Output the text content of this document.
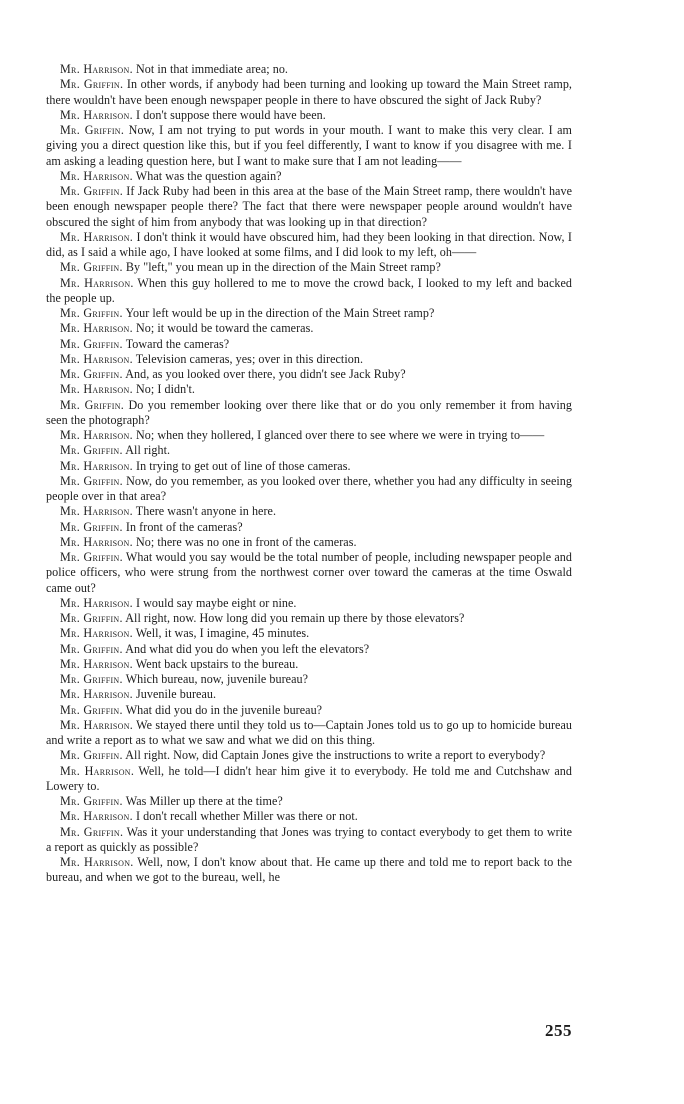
Mr. Harrison. Not in that immediate area; no.

Mr. Griffin. In other words, if anybody had been turning and looking up toward the Main Street ramp, there wouldn't have been enough newspaper people in there to have obscured the sight of Jack Ruby?

Mr. Harrison. I don't suppose there would have been.

Mr. Griffin. Now, I am not trying to put words in your mouth. I want to make this very clear. I am giving you a direct question like this, but if you feel differently, I want to know if you disagree with me. I am asking a leading question here, but I want to make sure that I am not leading——

Mr. Harrison. What was the question again?

Mr. Griffin. If Jack Ruby had been in this area at the base of the Main Street ramp, there wouldn't have been enough newspaper people there? The fact that there were newspaper people around wouldn't have obscured the sight of him from anybody that was looking up in that direction?

Mr. Harrison. I don't think it would have obscured him, had they been looking in that direction. Now, I did, as I said a while ago, I have looked at some films, and I did look to my left, oh——

Mr. Griffin. By "left," you mean up in the direction of the Main Street ramp?

Mr. Harrison. When this guy hollered to me to move the crowd back, I looked to my left and backed the people up.

Mr. Griffin. Your left would be up in the direction of the Main Street ramp?

Mr. Harrison. No; it would be toward the cameras.

Mr. Griffin. Toward the cameras?

Mr. Harrison. Television cameras, yes; over in this direction.

Mr. Griffin. And, as you looked over there, you didn't see Jack Ruby?

Mr. Harrison. No; I didn't.

Mr. Griffin. Do you remember looking over there like that or do you only remember it from having seen the photograph?

Mr. Harrison. No; when they hollered, I glanced over there to see where we were in trying to——

Mr. Griffin. All right.

Mr. Harrison. In trying to get out of line of those cameras.

Mr. Griffin. Now, do you remember, as you looked over there, whether you had any difficulty in seeing people over in that area?

Mr. Harrison. There wasn't anyone in here.

Mr. Griffin. In front of the cameras?

Mr. Harrison. No; there was no one in front of the cameras.

Mr. Griffin. What would you say would be the total number of people, including newspaper people and police officers, who were strung from the northwest corner over toward the cameras at the time Oswald came out?

Mr. Harrison. I would say maybe eight or nine.

Mr. Griffin. All right, now. How long did you remain up there by those elevators?

Mr. Harrison. Well, it was, I imagine, 45 minutes.

Mr. Griffin. And what did you do when you left the elevators?

Mr. Harrison. Went back upstairs to the bureau.

Mr. Griffin. Which bureau, now, juvenile bureau?

Mr. Harrison. Juvenile bureau.

Mr. Griffin. What did you do in the juvenile bureau?

Mr. Harrison. We stayed there until they told us to—Captain Jones told us to go up to homicide bureau and write a report as to what we saw and what we did on this thing.

Mr. Griffin. All right. Now, did Captain Jones give the instructions to write a report to everybody?

Mr. Harrison. Well, he told—I didn't hear him give it to everybody. He told me and Cutchshaw and Lowery to.

Mr. Griffin. Was Miller up there at the time?

Mr. Harrison. I don't recall whether Miller was there or not.

Mr. Griffin. Was it your understanding that Jones was trying to contact everybody to get them to write a report as quickly as possible?

Mr. Harrison. Well, now, I don't know about that. He came up there and told me to report back to the bureau, and when we got to the bureau, well, he

255
